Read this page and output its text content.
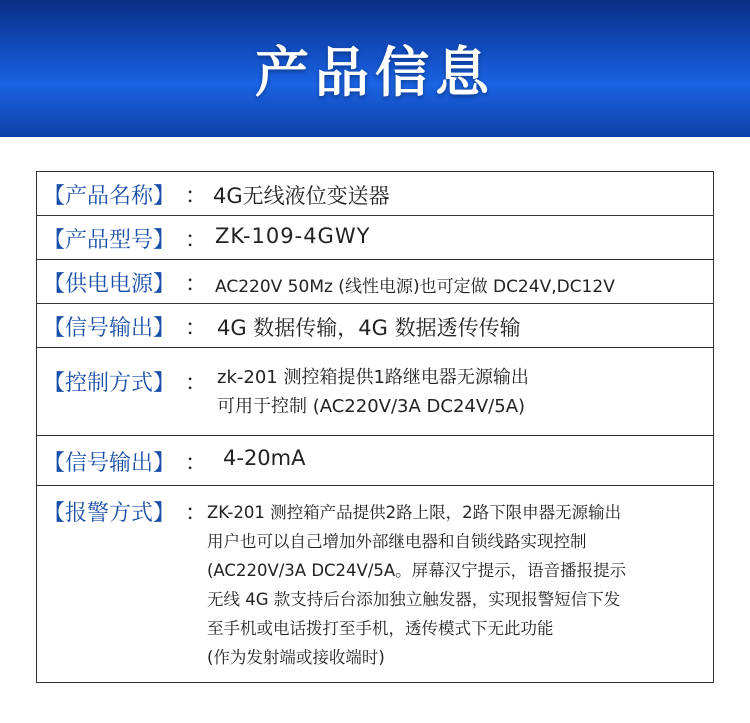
产品信息
【产品名称】 ： 4G无线液位变送器
【产品型号】 ： ZK-109-4GWY
【供电电源】 ： AC220V 50Mz (线性电源)也可定做 DC24V,DC12V
【信号输出】 ： 4G 数据传输，4G 数据透传传输
【控制方式】 ： zk-201 测控箱提供1路继电器无源输出
可用于控制 (AC220V/3A DC24V/5A)
【信号输出】 ： 4-20mA
【报警方式】 ： ZK-201 测控箱产品提供2路上限，2路下限申器无源输出
用户也可以自己增加外部继电器和自锁线路实现控制
(AC220V/3A DC24V/5A。屏幕汉宁提示，语音播报提示
无线 4G 款支持后台添加独立触发器，实现报警短信下发
至手机或电话拨打至手机，透传模式下无此功能
(作为发射端或接收端时)
